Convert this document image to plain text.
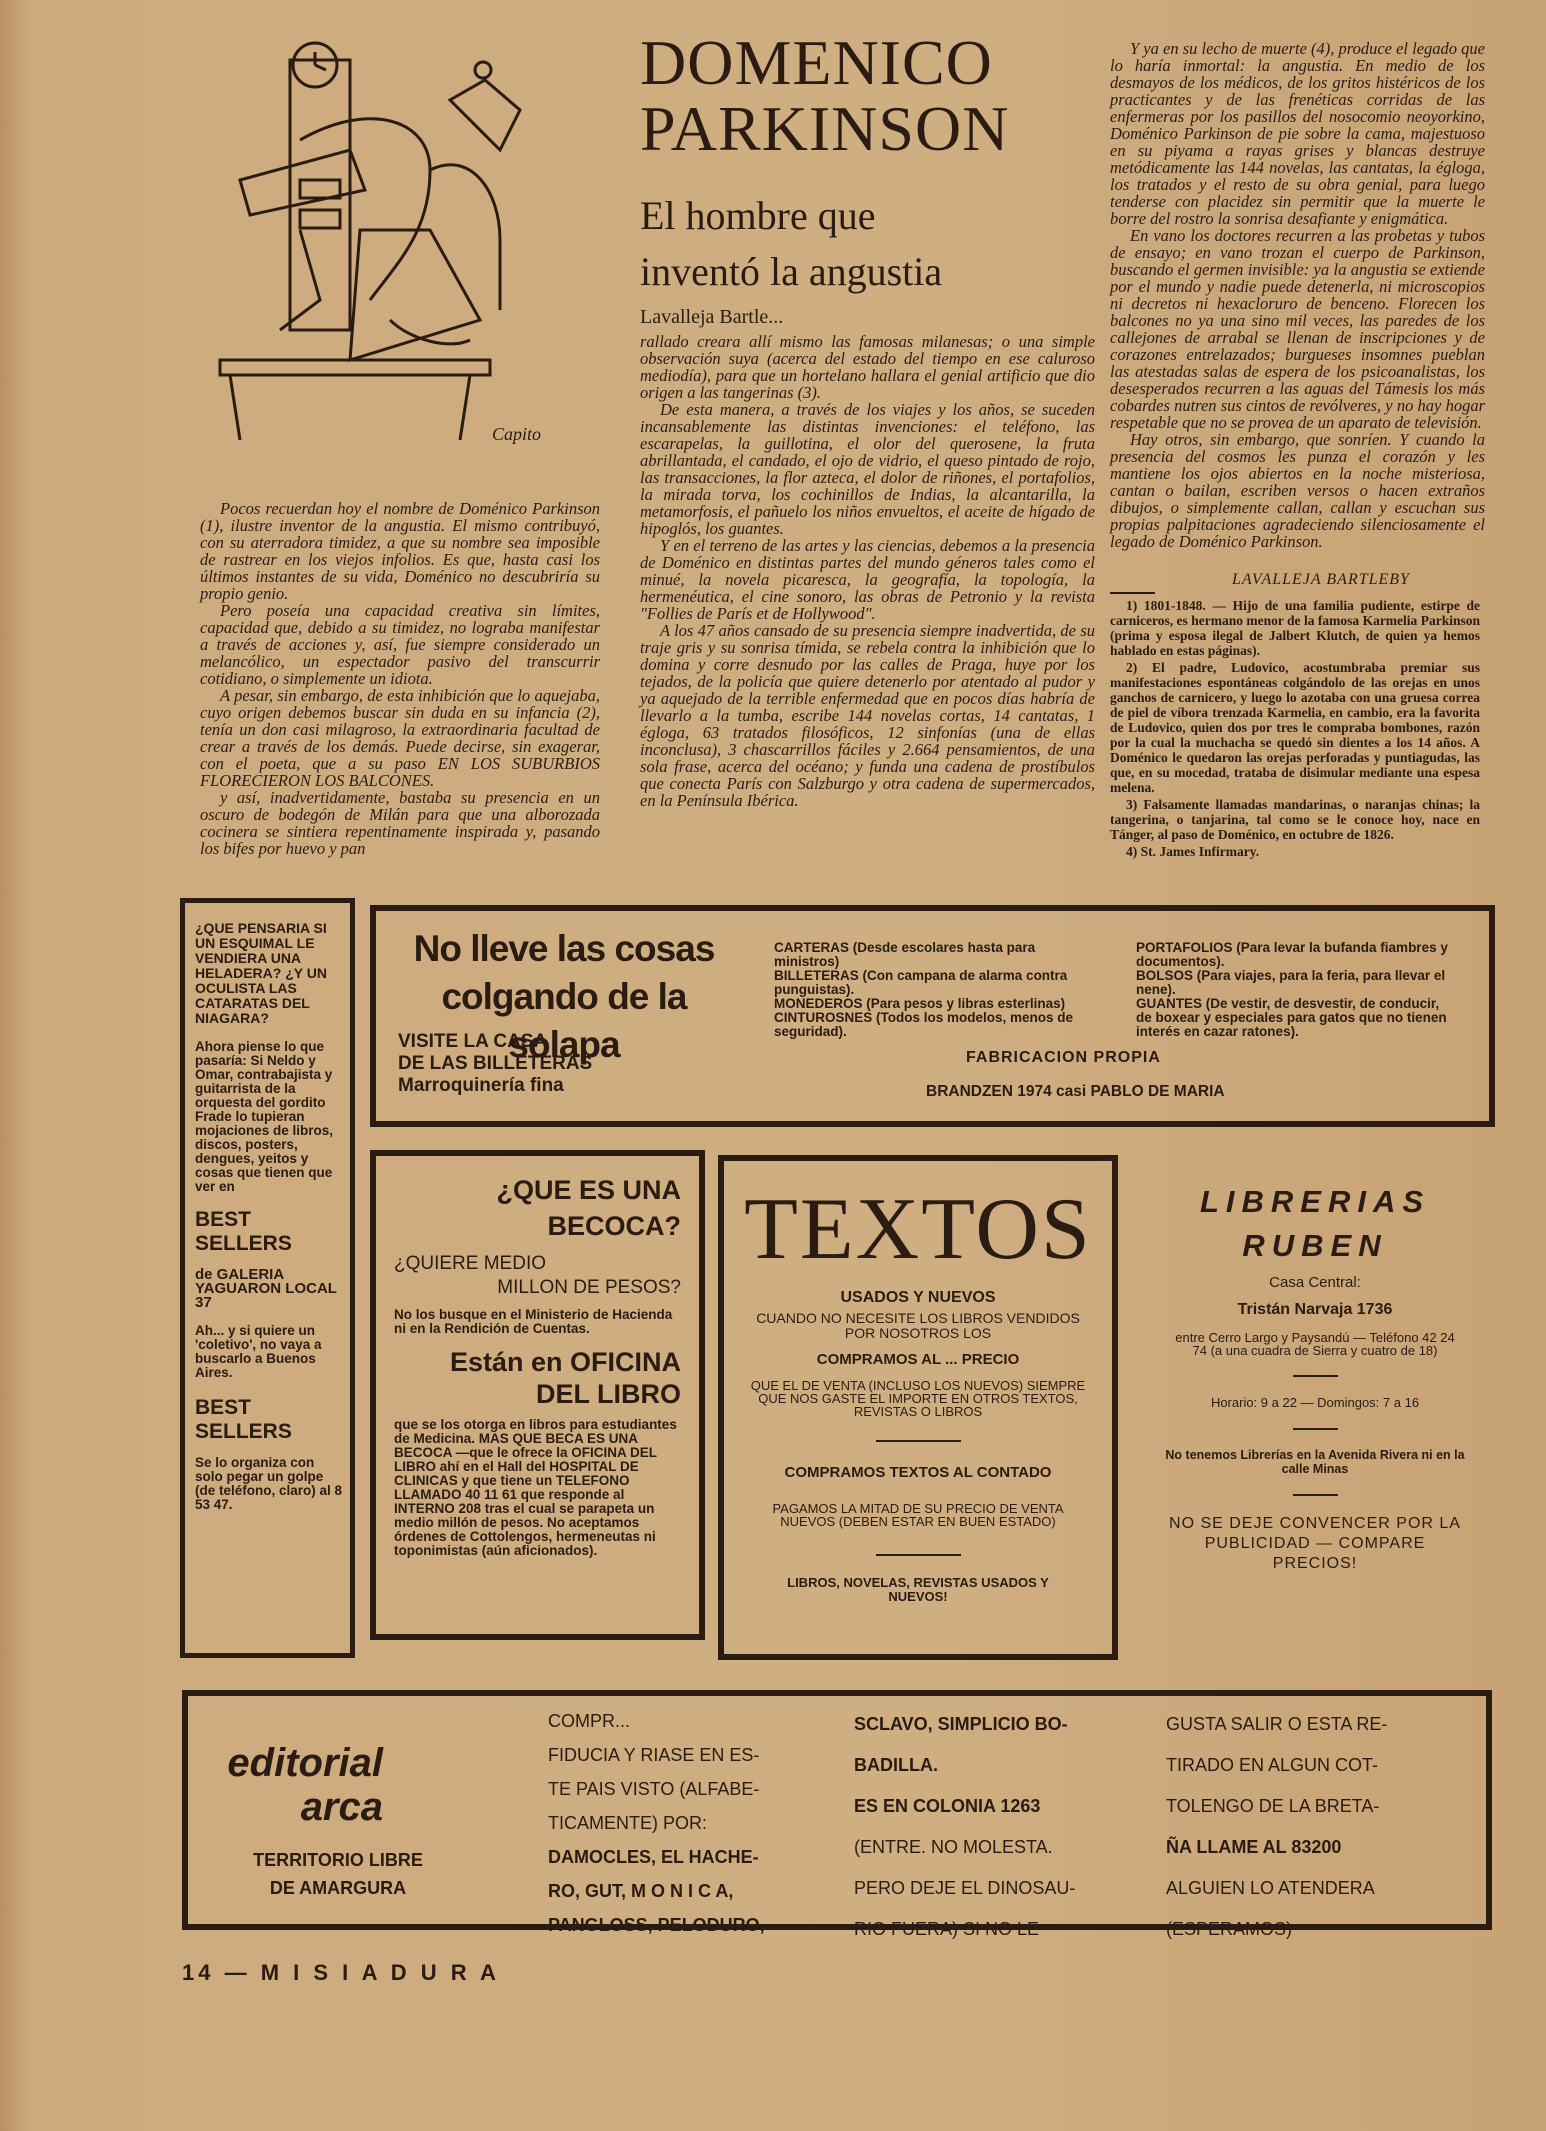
Capito
DOMENICO
PARKINSON
El hombre que
inventó la angustia
Lavalleja Bartle...

Pocos recuerdan hoy el nombre de Doménico Parkinson (1), ilustre inventor de la angustia. El mismo contribuyó, con su aterradora timidez, a que su nombre sea imposible de rastrear en los viejos infolios. Es que, hasta casi los últimos instantes de su vida, Doménico no descubriría su propio genio.

Pero poseía una capacidad creativa sin límites, capacidad que, debido a su timidez, no lograba manifestar a través de acciones y, así, fue siempre considerado un melancólico, un espectador pasivo del transcurrir cotidiano, o simplemente un idiota.

A pesar, sin embargo, de esta inhibición que lo aquejaba, cuyo origen debemos buscar sin duda en su infancia (2), tenía un don casi milagroso, la extraordinaria facultad de crear a través de los demás. Puede decirse, sin exagerar, con el poeta, que a su paso EN LOS SUBURBIOS FLORECIERON LOS BALCONES.

y así, inadvertidamente, bastaba su presencia en un oscuro de bodegón de Milán para que una alborozada cocinera se sintiera repentinamente inspirada y, pasando los bifes por huevo y pan

rallado creara allí mismo las famosas milanesas; o una simple observación suya (acerca del estado del tiempo en ese caluroso mediodía), para que un hortelano hallara el genial artificio que dio origen a las tangerinas (3).

De esta manera, a través de los viajes y los años, se suceden incansablemente las distintas invenciones: el teléfono, las escarapelas, la guillotina, el olor del querosene, la fruta abrillantada, el candado, el ojo de vidrio, el queso pintado de rojo, las transacciones, la flor azteca, el dolor de riñones, el portafolios, la mirada torva, los cochinillos de Indias, la alcantarilla, la metamorfosis, el pañuelo los niños envueltos, el aceite de hígado de hipoglós, los guantes.

Y en el terreno de las artes y las ciencias, debemos a la presencia de Doménico en distintas partes del mundo géneros tales como el minué, la novela picaresca, la geografía, la topología, la hermenéutica, el cine sonoro, las obras de Petronio y la revista "Follies de París et de Hollywood".

A los 47 años cansado de su presencia siempre inadvertida, de su traje gris y su sonrisa tímida, se rebela contra la inhibición que lo domina y corre desnudo por las calles de Praga, huye por los tejados, de la policía que quiere detenerlo por atentado al pudor y ya aquejado de la terrible enfermedad que en pocos días habría de llevarlo a la tumba, escribe 144 novelas cortas, 14 cantatas, 1 égloga, 63 tratados filosóficos, 12 sinfonías (una de ellas inconclusa), 3 chascarrillos fáciles y 2.664 pensamientos, de una sola frase, acerca del océano; y funda una cadena de prostíbulos que conecta París con Salzburgo y otra cadena de supermercados, en la Península Ibérica.

Y ya en su lecho de muerte (4), produce el legado que lo haría inmortal: la angustia. En medio de los desmayos de los médicos, de los gritos histéricos de los practicantes y de las frenéticas corridas de las enfermeras por los pasillos del nosocomio neoyorkino, Doménico Parkinson de pie sobre la cama, majestuoso en su piyama a rayas grises y blancas destruye metódicamente las 144 novelas, las cantatas, la égloga, los tratados y el resto de su obra genial, para luego tenderse con placidez sin permitir que la muerte le borre del rostro la sonrisa desafiante y enigmática.

En vano los doctores recurren a las probetas y tubos de ensayo; en vano trozan el cuerpo de Parkinson, buscando el germen invisible: ya la angustia se extiende por el mundo y nadie puede detenerla, ni microscopios ni decretos ni hexaclorurо de benceno. Florecen los balcones no ya una sino mil veces, las paredes de los callejones de arrabal se llenan de inscripciones y de corazones entrelazados; burgueses insomnes pueblan las atestadas salas de espera de los psicoanalistas, los desesperados recurren a las aguas del Támesis los más cobardes nutren sus cintos de revólveres, y no hay hogar respetable que no se provea de un aparato de televisión.

Hay otros, sin embargo, que sonríen. Y cuando la presencia del cosmos les punza el corazón y les mantiene los ojos abiertos en la noche misteriosa, cantan o bailan, escriben versos o hacen extraños dibujos, o simplemente callan, callan y escuchan sus propias palpitaciones agradeciendo silenciosamente el legado de Doménico Parkinson.

LAVALLEJA BARTLEBY

1) 1801-1848. — Hijo de una familia pudiente, estirpe de carniceros, es hermano menor de la famosa Karmelia Parkinson (prima y esposa ilegal de Jalbert Klutch, de quien ya hemos hablado en estas páginas).

2) El padre, Ludovico, acostumbraba premiar sus manifestaciones espontáneas colgándolo de las orejas en unos ganchos de carnicero, y luego lo azotaba con una gruesa correa de piel de víbora trenzada Karmelia, en cambio, era la favorita de Ludovico, quien dos por tres le compraba bombones, razón por la cual la muchacha se quedó sin dientes a los 14 años. A Doménico le quedaron las orejas perforadas y puntiagudas, las que, en su mocedad, trataba de disimular mediante una espesa melena.

3) Falsamente llamadas mandarinas, o naranjas chinas; la tangerina, o tanjarina, tal como se le conoce hoy, nace en Tánger, al paso de Doménico, en octubre de 1826.

4) St. James Infirmary.

¿QUE PENSARIA SI UN ESQUIMAL LE VENDIERA UNA HELADERA? ¿Y UN OCULISTA LAS CATARATAS DEL NIAGARA?
Ahora piense lo que pasaría: Si Neldo y Omar, contrabajista y guitarrista de la orquesta del gordito Frade lo tupieran mojaciones de libros, discos, posters, dengues, yeitos y cosas que tienen que ver en
BEST SELLERS
de GALERIA YAGUARON LOCAL 37
Ah... y si quiere un 'coletivo', no vaya a buscarlo a Buenos Aires.
BEST SELLERS
Se lo organiza con solo pegar un golpe (de teléfono, claro) al 8 53 47.
No lleve las cosas
colgando de la solapa
VISITE LA CASA
DE LAS BILLETERAS
Marroquinería fina
CARTERAS (Desde escolares hasta para ministros)
BILLETERAS (Con campana de alarma contra punguistas).
MONEDEROS (Para pesos y libras esterlinas)
CINTUROSNES (Todos los modelos, menos de seguridad).
PORTAFOLIOS (Para levar la bufanda fiambres y documentos).
BOLSOS (Para viajes, para la feria, para llevar el nene).
GUANTES (De vestir, de desvestir, de conducir, de boxear y especiales para gatos que no tienen interés en cazar ratones).
FABRICACION PROPIA
BRANDZEN 1974 casi PABLO DE MARIA
¿QUE ES UNA
BECOCA?
¿QUIERE MEDIO
MILLON DE PESOS?
No los busque en el Ministerio de Hacienda ni en la Rendición de Cuentas.
Están en OFICINA
DEL LIBRO
que se los otorga en libros para estudiantes de Medicina. MAS QUE BECA ES UNA BECOCA —que le ofrece la OFICINA DEL LIBRO ahí en el Hall del HOSPITAL DE CLINICAS y que tiene un TELEFONO LLAMADO 40 11 61 que responde al INTERNO 208 tras el cual se parapeta un medio millón de pesos. No aceptamos órdenes de Cottolengos, hermeneutas ni toponimistas (aún aficionados).
TEXTOS
USADOS Y NUEVOS
CUANDO NO NECESITE LOS LIBROS VENDIDOS POR NOSOTROS LOS
COMPRAMOS AL ... PRECIO
QUE EL DE VENTA (INCLUSO LOS NUEVOS) SIEMPRE QUE NOS GASTE EL IMPORTE EN OTROS TEXTOS, REVISTAS O LIBROS
COMPRAMOS TEXTOS AL CONTADO
PAGAMOS LA MITAD DE SU PRECIO DE VENTA NUEVOS (DEBEN ESTAR EN BUEN ESTADO)
LIBROS, NOVELAS, REVISTAS USADOS Y NUEVOS!
LIBRERIAS
RUBEN
Casa Central:
Tristán Narvaja 1736
entre Cerro Largo y Paysandú — Teléfono 42 24 74 (a una cuadra de Sierra y cuatro de 18)
Horario: 9 a 22 — Domingos: 7 a 16
No tenemos Librerías en la Avenida Rivera ni en la calle Minas
NO SE DEJE CONVENCER POR LA PUBLICIDAD — COMPARE PRECIOS!
editorial
arca
TERRITORIO LIBRE
DE AMARGURA
COMPR...
FIDUCIA Y RIASE EN ES-
TE PAIS VISTO (ALFABE-
TICAMENTE) POR:
DAMOCLES, EL HACHE-
RO, GUT, M O N I C A,
PANGLOSS, PELODURO,
SCLAVO, SIMPLICIO BO-
BADILLA.
ES EN COLONIA 1263
(ENTRE. NO MOLESTA.
PERO DEJE EL DINOSAU-
RIO FUERA) SI NO LE
GUSTA SALIR O ESTA RE-
TIRADO EN ALGUN COT-
TOLENGO DE LA BRETA-
ÑA LLAME AL 83200
ALGUIEN LO ATENDERA
(ESPERAMOS)
14 — M I S I A D U R A
